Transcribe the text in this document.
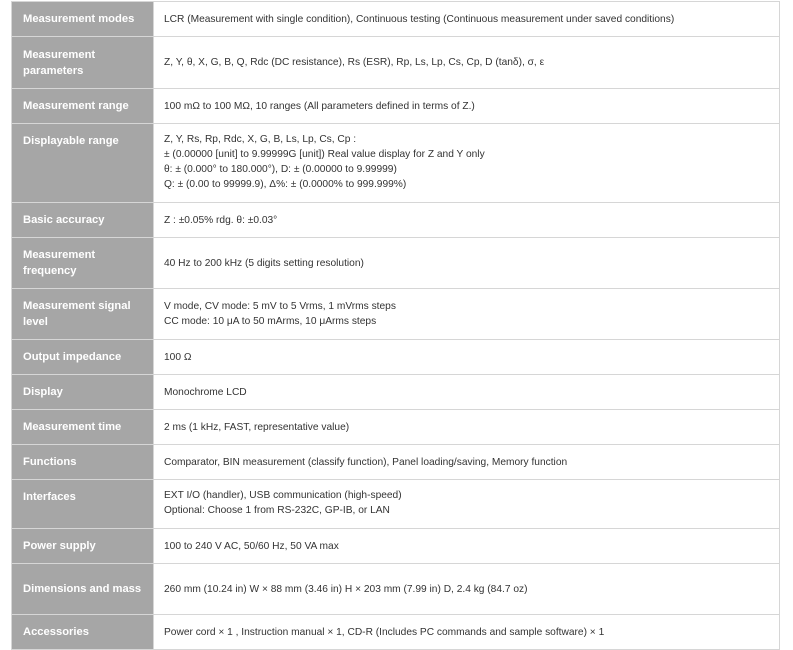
Measurement modes	LCR (Measurement with single condition), Continuous testing (Continuous measurement under saved conditions)

Measurement parameters	Z, Y, θ, X, G, B, Q, Rdc (DC resistance), Rs (ESR), Rp, Ls, Lp, Cs, Cp, D (tanδ), σ, ε

Measurement range	100 mΩ to 100 MΩ, 10 ranges (All parameters defined in terms of Z.)

Displayable range	Z, Y, Rs, Rp, Rdc, X, G, B, Ls, Lp, Cs, Cp :
± (0.00000 [unit] to 9.99999G [unit]) Real value display for Z and Y only
θ: ± (0.000° to 180.000°), D: ± (0.00000 to 9.99999)
Q: ± (0.00 to 99999.9), Δ%: ± (0.0000% to 999.999%)

Basic accuracy	Z : ±0.05% rdg. θ: ±0.03°

Measurement frequency	40 Hz to 200 kHz (5 digits setting resolution)

Measurement signal level	V mode, CV mode: 5 mV to 5 Vrms, 1 mVrms steps
CC mode: 10 μA to 50 mArms, 10 μArms steps

Output impedance	100 Ω

Display	Monochrome LCD

Measurement time	2 ms (1 kHz, FAST, representative value)

Functions	Comparator, BIN measurement (classify function), Panel loading/saving, Memory function

Interfaces	EXT I/O (handler), USB communication (high-speed)
Optional: Choose 1 from RS-232C, GP-IB, or LAN

Power supply	100 to 240 V AC, 50/60 Hz, 50 VA max

Dimensions and mass	260 mm (10.24 in) W × 88 mm (3.46 in) H × 203 mm (7.99 in) D, 2.4 kg (84.7 oz)

Accessories	Power cord × 1 , Instruction manual × 1, CD-R (Includes PC commands and sample software) × 1
